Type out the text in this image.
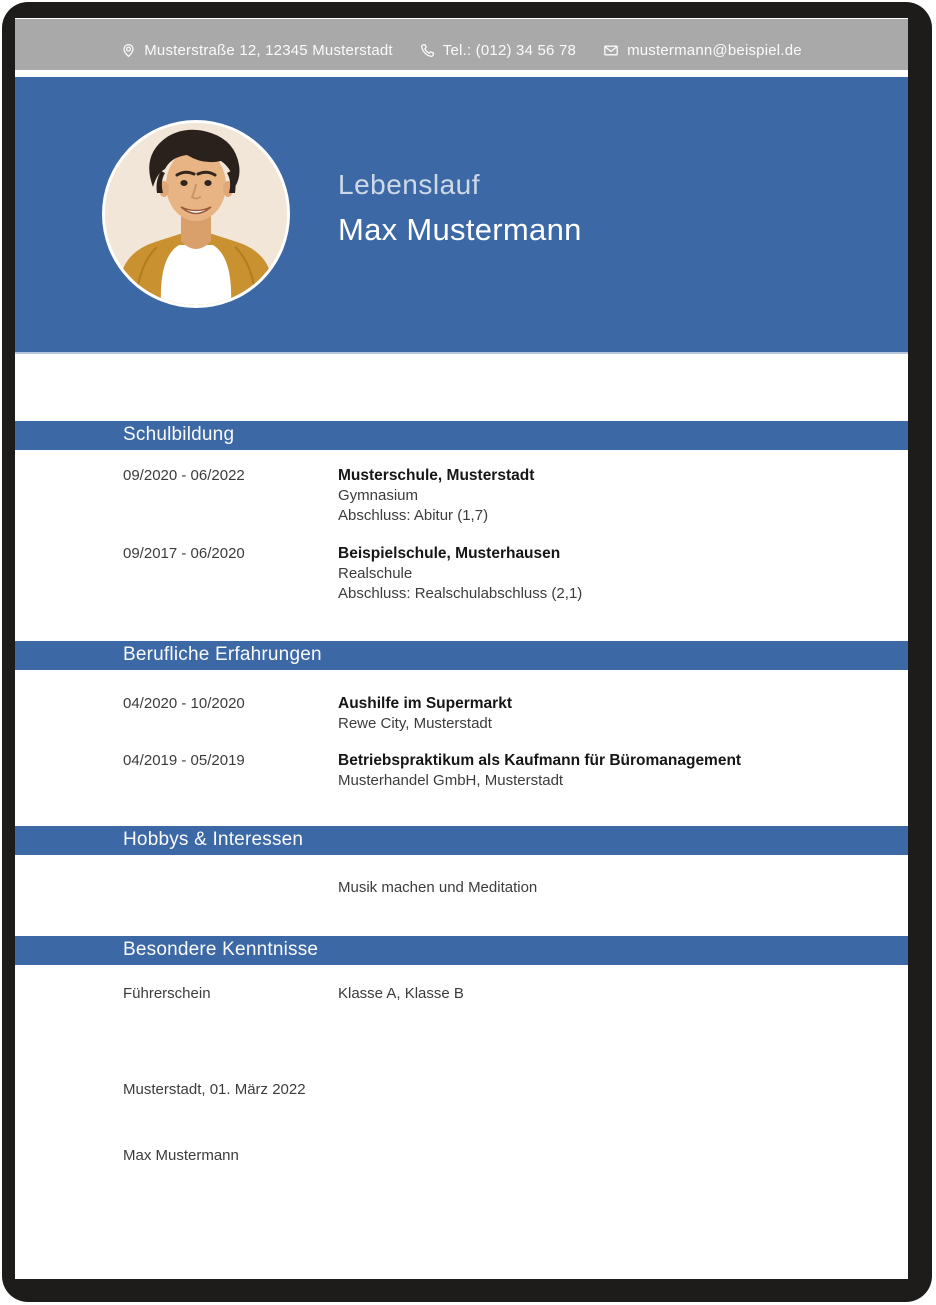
Musterstraße 12, 12345 Musterstadt	Tel.: (012) 34 56 78	mustermann@beispiel.de
Lebenslauf
Max Mustermann
Schulbildung
09/2020 - 06/2022	Musterschule, Musterstadt
Gymnasium
Abschluss: Abitur (1,7)
09/2017 - 06/2020	Beispielschule, Musterhausen
Realschule
Abschluss: Realschulabschluss (2,1)
Berufliche Erfahrungen
04/2020 - 10/2020	Aushilfe im Supermarkt
Rewe City, Musterstadt
04/2019 - 05/2019	Betriebspraktikum als Kaufmann für Büromanagement
Musterhandel GmbH, Musterstadt
Hobbys & Interessen
Musik machen und Meditation
Besondere Kenntnisse
Führerschein	Klasse A, Klasse B
Musterstadt, 01. März 2022
Max Mustermann
